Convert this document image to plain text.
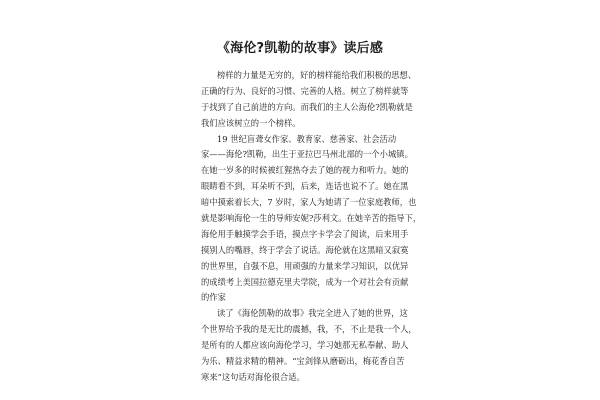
《海伦?凯勒的故事》读后感
榜样的力量是无穷的，好的榜样能给我们积极的思想、
正确的行为、良好的习惯、完善的人格。树立了榜样就等
于找到了自己前进的方向。而我们的主人公海伦?凯勒就是
我们应该树立的一个榜样。
19 世纪盲聋女作家、教育家、慈善家、社会活动
家——海伦?凯勒，出生于亚拉巴马州北部的一个小城镇。
在她一岁多的时候被红猩热夺去了她的视力和听力。她的
眼睛看不到，耳朵听不到，后来，连话也说不了。她在黑
暗中摸索着长大，7 岁时，家人为她请了一位家庭教师，也
就是影响海伦一生的导师安妮?莎利文。在她辛苦的指导下，
海伦用手触摸学会手语，摸点字卡学会了阅读，后来用手
摸别人的嘴唇，终于学会了说话。海伦就在这黑暗又寂寞
的世界里，自强不息，用顽强的力量来学习知识，以优异
的成绩考上美国拉德克里夫学院，成为一个对社会有贡献
的作家
读了《海伦凯勒的故事》我完全进入了她的世界，这
个世界给予我的是无比的震撼，我，不，不止是我一个人，
是所有的人都应该向海伦学习，学习她那无私奉献、助人
为乐、精益求精的精神。“宝剑锋从磨砺出，梅花香自苦
寒来”这句话对海伦很合适。
